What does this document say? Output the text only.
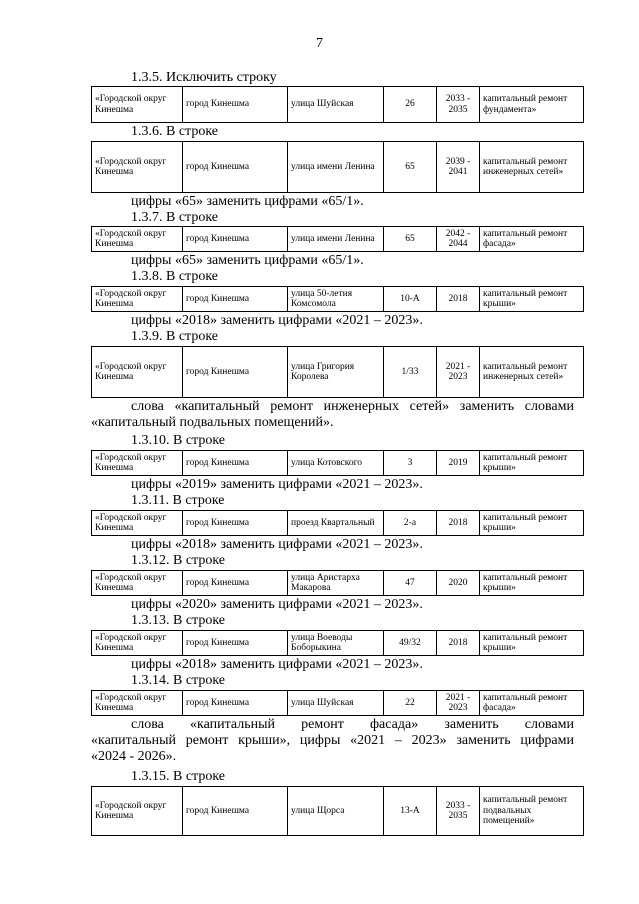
7
1.3.5. Исключить строку
«Городской округ Кинешма	город Кинешма	улица Шуйская	26	2033 - 2035	капитальный ремонт фундамента»
1.3.6. В строке
«Городской округ Кинешма	город Кинешма	улица имени Ленина	65	2039 - 2041	капитальный ремонт инженерных сетей»
цифры «65» заменить цифрами «65/1».
1.3.7. В строке
«Городской округ Кинешма	город Кинешма	улица имени Ленина	65	2042 - 2044	капитальный ремонт фасада»
цифры «65» заменить цифрами «65/1».
1.3.8. В строке
«Городской округ Кинешма	город Кинешма	улица 50-летия Комсомола	10-А	2018	капитальный ремонт крыши»
цифры «2018» заменить цифрами «2021 – 2023».
1.3.9. В строке
«Городской округ Кинешма	город Кинешма	улица Григория Королева	1/33	2021 - 2023	капитальный ремонт инженерных сетей»
слова «капитальный ремонт инженерных сетей» заменить словами
«капитальный подвальных помещений».
1.3.10. В строке
«Городской округ Кинешма	город Кинешма	улица Котовского	3	2019	капитальный ремонт крыши»
цифры «2019» заменить цифрами «2021 – 2023».
1.3.11. В строке
«Городской округ Кинешма	город Кинешма	проезд Квартальный	2-а	2018	капитальный ремонт крыши»
цифры «2018» заменить цифрами «2021 – 2023».
1.3.12. В строке
«Городской округ Кинешма	город Кинешма	улица Аристарха Макарова	47	2020	капитальный ремонт крыши»
цифры «2020» заменить цифрами «2021 – 2023».
1.3.13. В строке
«Городской округ Кинешма	город Кинешма	улица Воеводы Боборыкина	49/32	2018	капитальный ремонт крыши»
цифры «2018» заменить цифрами «2021 – 2023».
1.3.14. В строке
«Городской округ Кинешма	город Кинешма	улица Шуйская	22	2021 - 2023	капитальный ремонт фасада»
слова «капитальный ремонт фасада» заменить словами
«капитальный ремонт крыши», цифры «2021 – 2023» заменить цифрами
«2024 - 2026».
1.3.15. В строке
«Городской округ Кинешма	город Кинешма	улица Щорса	13-А	2033 - 2035	капитальный ремонт подвальных помещений»
